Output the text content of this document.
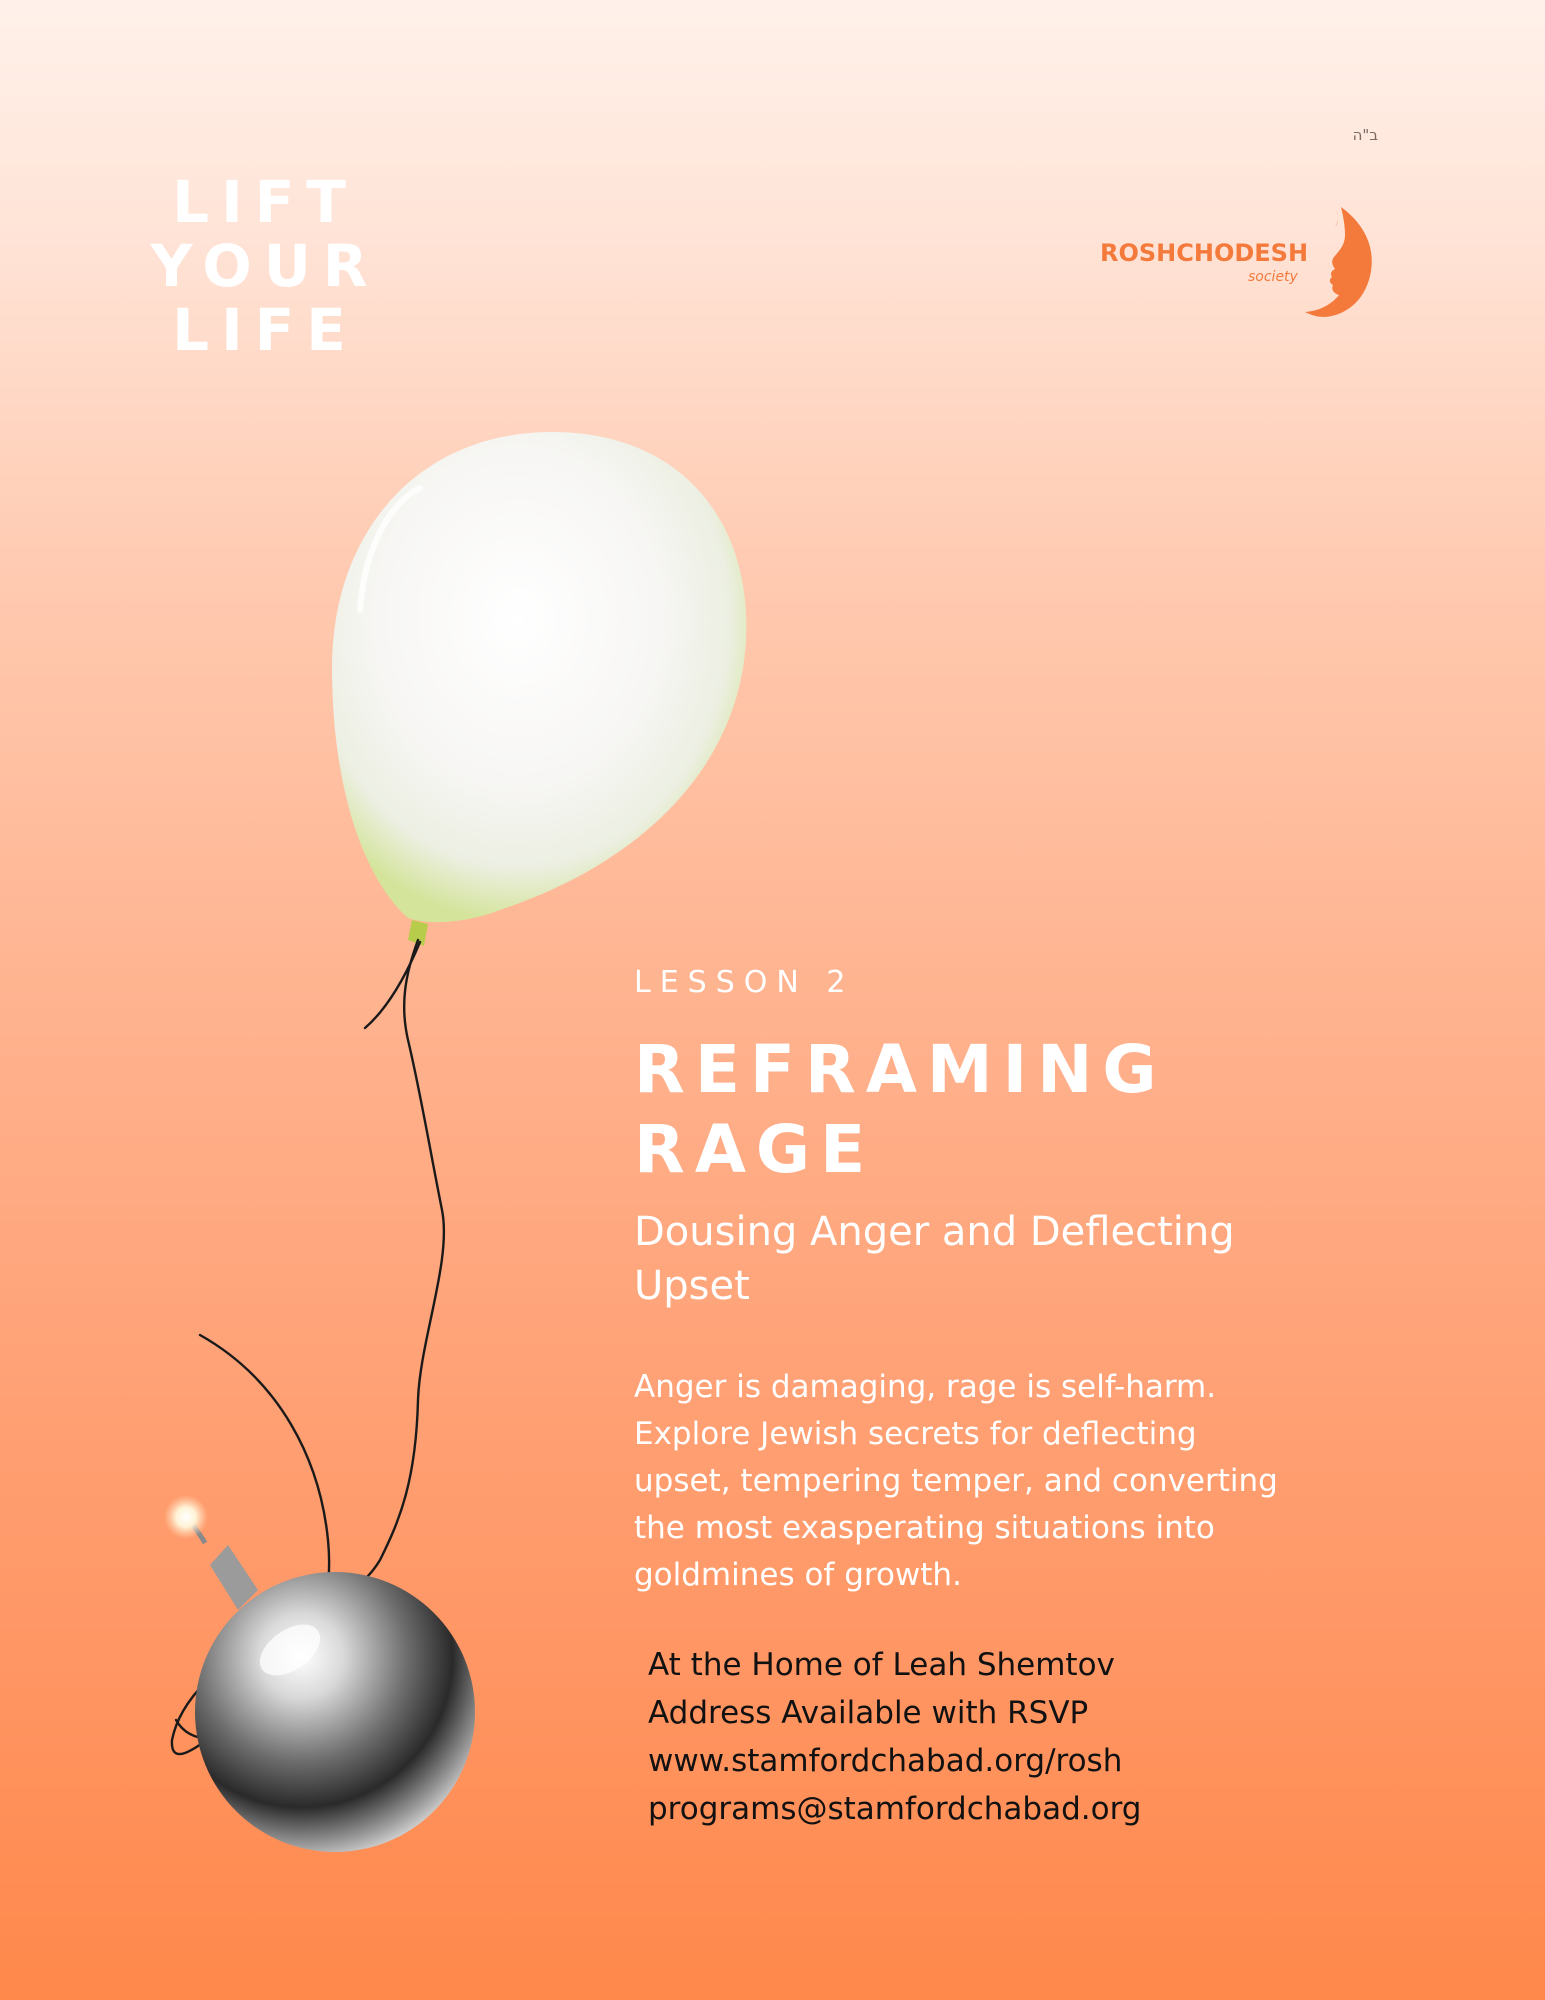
ב"ה
LIFT
YOUR
LIFE
ROSHCHODESH
society
LESSON 2
REFRAMING
RAGE
Dousing Anger and Deflecting Upset
Anger is damaging, rage is self-harm.
Explore Jewish secrets for deflecting
upset, tempering temper, and converting
the most exasperating situations into
goldmines of growth.
At the Home of Leah Shemtov
Address Available with RSVP
www.stamfordchabad.org/rosh
programs@stamfordchabad.org
